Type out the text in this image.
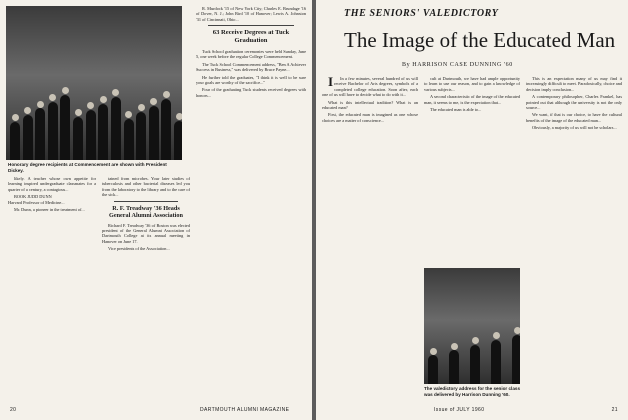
Honorary degree recipients at Commencement are shown with President Dickey.

likely. A teacher whose own appetite for learning inspired undergraduate classmates for a quarter of a century, a contagious...

BOOK JUDD DUNN
Harvard Professor of Medicine...

Mr. Dunn, a pioneer in the treatment of...

tained from microbes. Your later studies of tuberculosis and other bacterial diseases led you from the laboratory to the library and to the care of the sick...

R. F. Treadway '36 Heads General Alumni Association

Richard F. Treadway '36 of Boston was elected president of the General Alumni Association of Dartmouth College at its annual meeting in Hanover on June 17.

Vice presidents of the Association...

R. Murdock '15 of New York City; Charles E. Brundage '16 of Dover, N. J.; John Bird '10 of Hanover; Lewis A. Johnston '31 of Cincinnati, Ohio...

63 Receive Degrees at Tuck Graduation

Tuck School graduation ceremonies were held Sunday, June 5, one week before the regular College Commencement.

The Tuck School Commencement address, "Ben A Achiever Success in Business," was delivered by Bruce Payne...

He further told the graduates, "I think it is well to be sure your goals are worthy of the sacrifice..."

Four of the graduating Tuck students received degrees with honors...

20	DARTMOUTH ALUMNI MAGAZINE
THE SENIORS' VALEDICTORY
The Image of the Educated Man
By HARRISON CASE DUNNING '60

I In a few minutes, several hundred of us will receive Bachelor of Arts degrees, symbols of a completed college education. Soon after, each one of us will have to decide what to do with it...

What is this intellectual tradition? What is an educated man?

First, the educated man is imagined as one whose choices are a matter of conscience...

cult at Dartmouth, we have had ample opportunity to learn to use our reason, and to gain a knowledge of various subjects...

A second characteristic of the image of the educated man, it seems to me, is the expectation that...

The educated man is able to...

The valedictory address for the senior class was delivered by Harrison Dunning '60.

This is an expectation many of us may find it increasingly difficult to meet. Paradoxically, choice and decision imply conclusion...

A contemporary philosopher, Charles Frankel, has pointed out that although the university is not the only source...

We want, if that is our choice, to have the cultural benefits of the image of the educated man...

Obviously, a majority of us will not be scholars...

Issue of JULY 1960	21
